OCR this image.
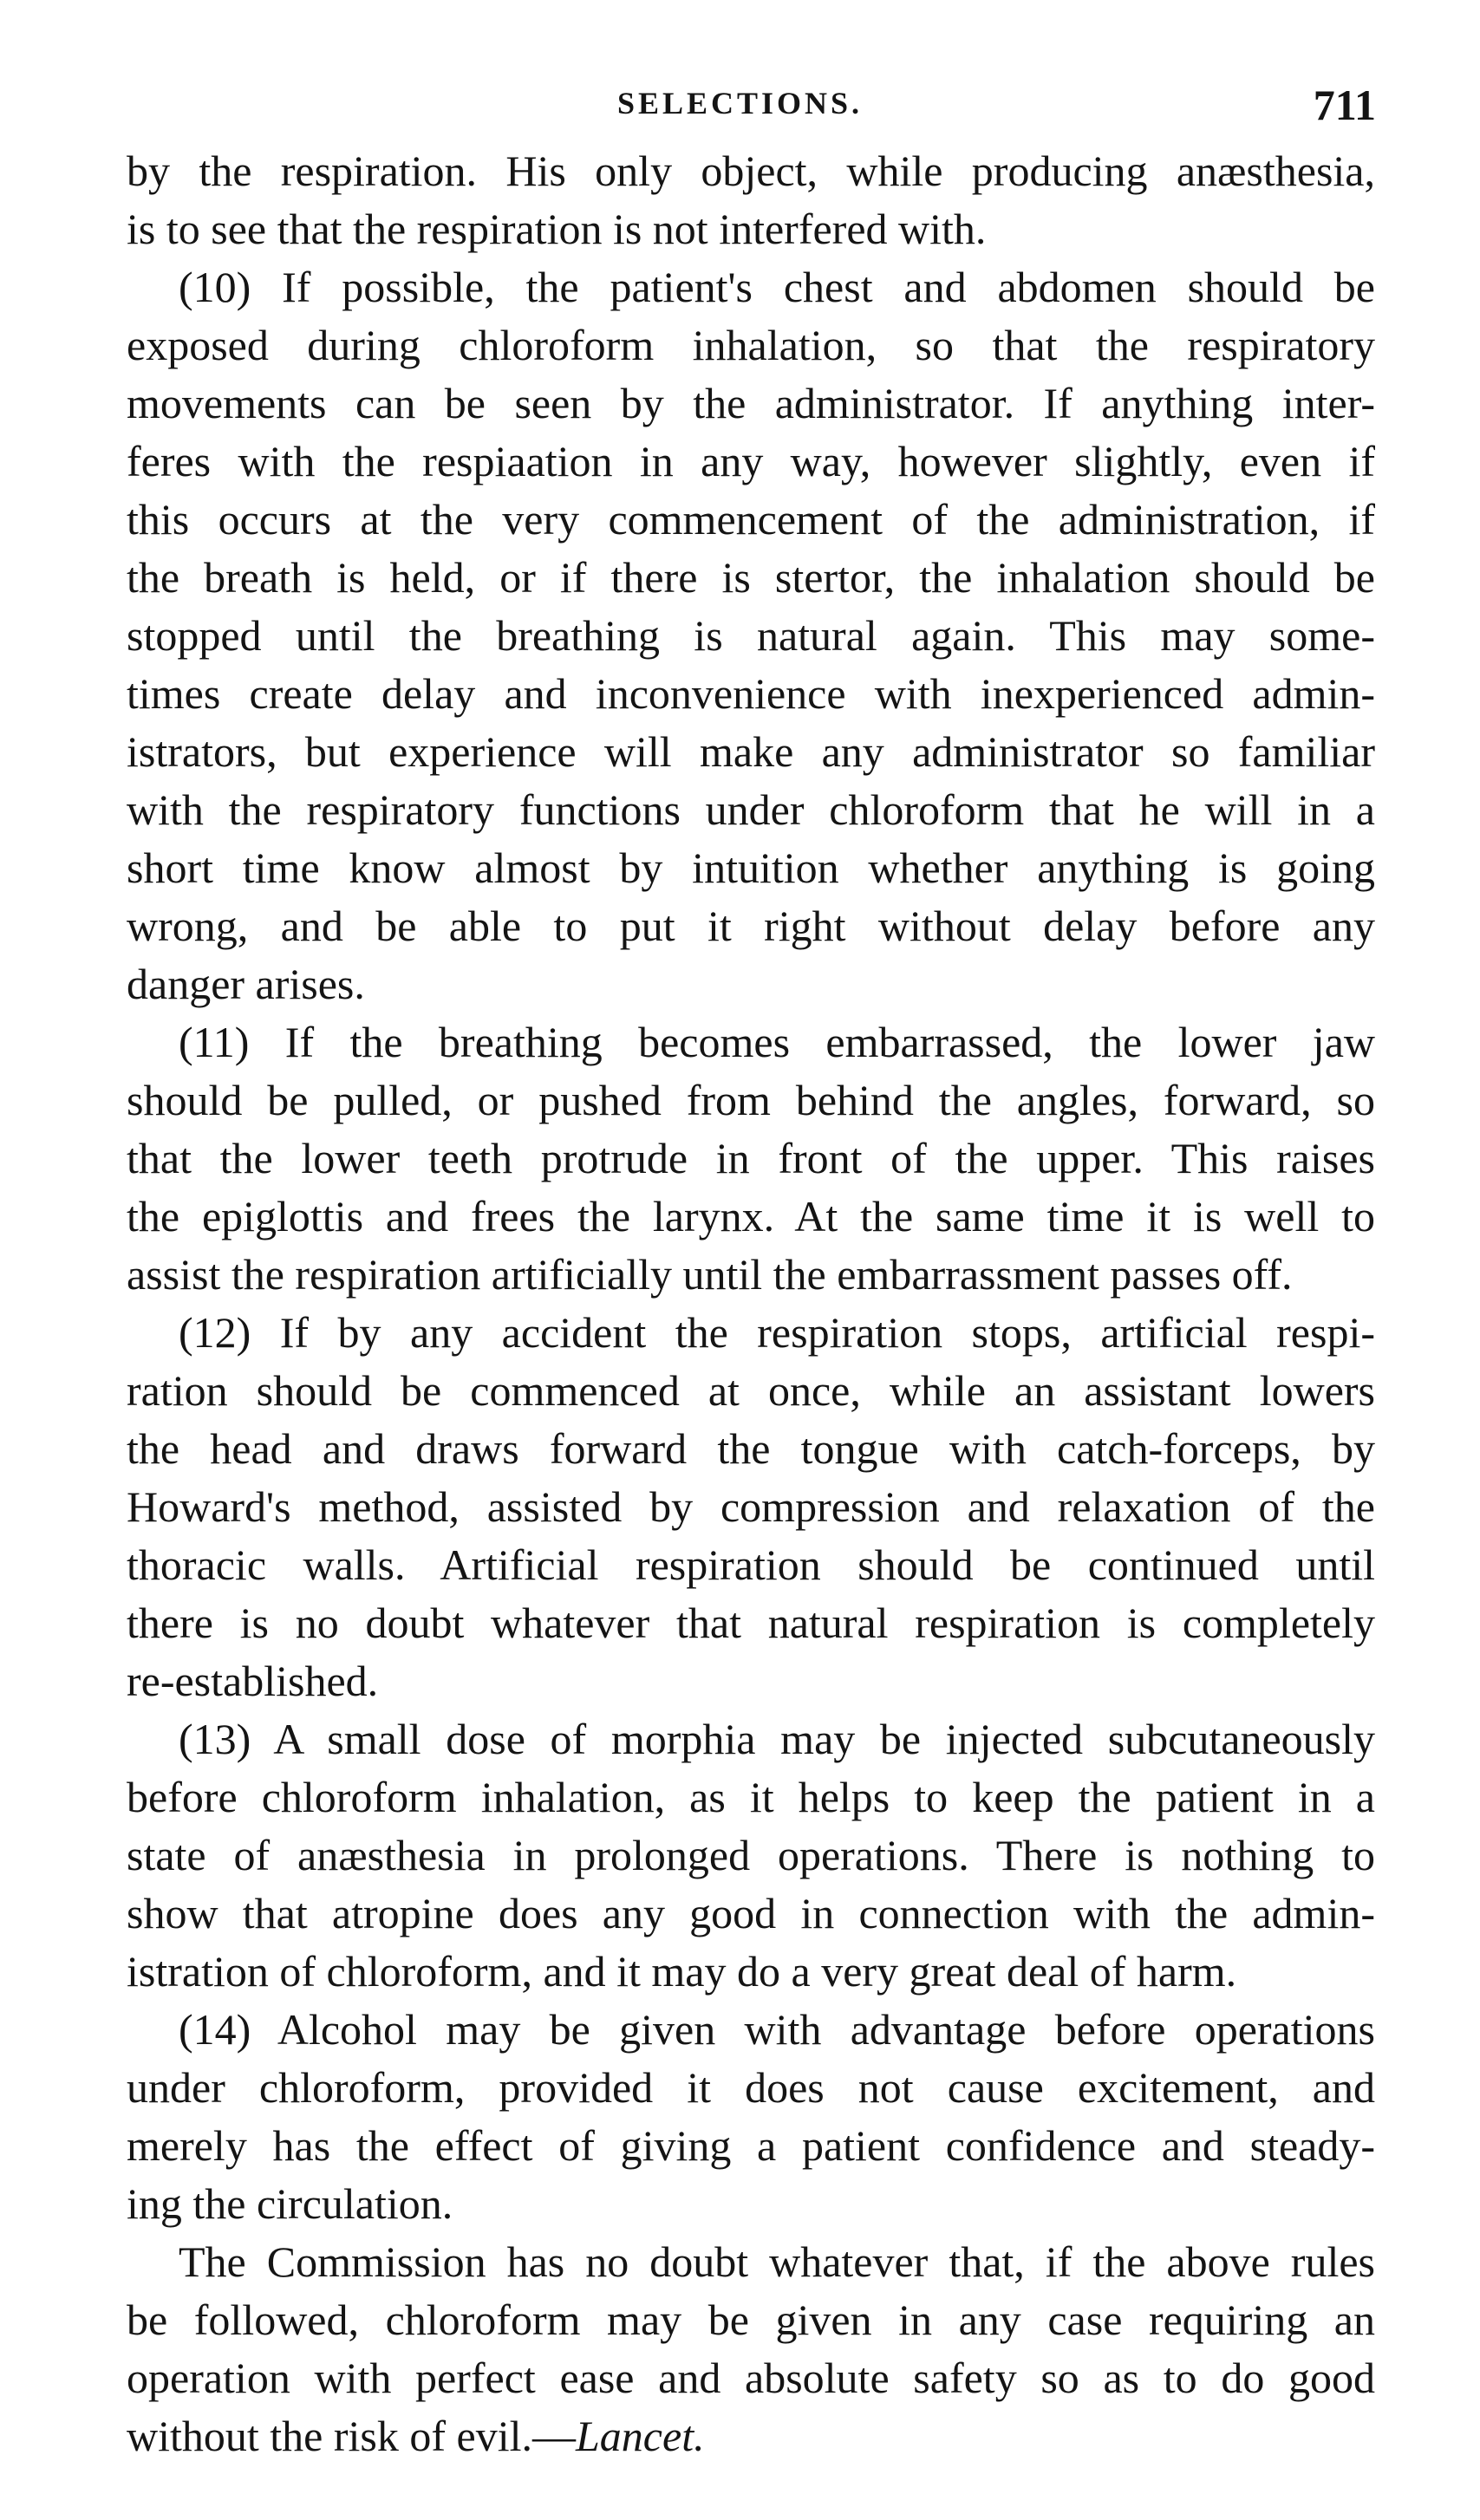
SELECTIONS.	711
by the respiration. His only object, while producing anæsthesia,
is to see that the respiration is not interfered with.
(10) If possible, the patient's chest and abdomen should be
exposed during chloroform inhalation, so that the respiratory
movements can be seen by the administrator. If anything inter-
feres with the respiaation in any way, however slightly, even if
this occurs at the very commencement of the administration, if
the breath is held, or if there is stertor, the inhalation should be
stopped until the breathing is natural again. This may some-
times create delay and inconvenience with inexperienced admin-
istrators, but experience will make any administrator so familiar
with the respiratory functions under chloroform that he will in a
short time know almost by intuition whether anything is going
wrong, and be able to put it right without delay before any
danger arises.
(11) If the breathing becomes embarrassed, the lower jaw
should be pulled, or pushed from behind the angles, forward, so
that the lower teeth protrude in front of the upper. This raises
the epiglottis and frees the larynx. At the same time it is well to
assist the respiration artificially until the embarrassment passes off.
(12) If by any accident the respiration stops, artificial respi-
ration should be commenced at once, while an assistant lowers
the head and draws forward the tongue with catch-forceps, by
Howard's method, assisted by compression and relaxation of the
thoracic walls. Artificial respiration should be continued until
there is no doubt whatever that natural respiration is completely
re-established.
(13) A small dose of morphia may be injected subcutaneously
before chloroform inhalation, as it helps to keep the patient in a
state of anæsthesia in prolonged operations. There is nothing to
show that atropine does any good in connection with the admin-
istration of chloroform, and it may do a very great deal of harm.
(14) Alcohol may be given with advantage before operations
under chloroform, provided it does not cause excitement, and
merely has the effect of giving a patient confidence and steady-
ing the circulation.
The Commission has no doubt whatever that, if the above rules
be followed, chloroform may be given in any case requiring an
operation with perfect ease and absolute safety so as to do good
without the risk of evil.—Lancet.
